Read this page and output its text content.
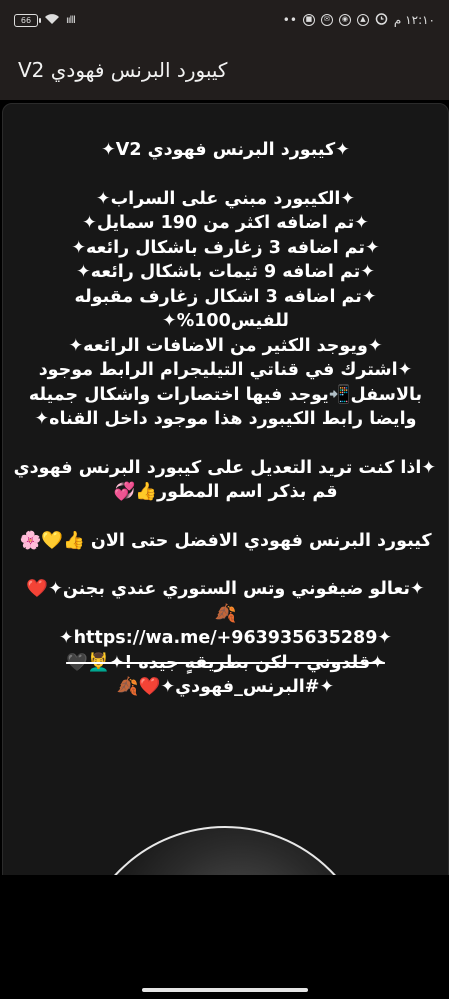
66	ıılll	••	■	✉	◉	▲ ١٢:١٠ م
كيبورد البرنس فهودي V2
✦كيبورد البرنس فهودي V2✦
✦الكيبورد مبني على السراب✦
✦تم اضافه اكثر من 190 سمايل✦
✦تم اضافه 3 زغارف باشكال رائعه✦
✦تم اضافه 9 ثيمات باشكال رائعه✦
✦تم اضافه 3 اشكال زغارف مقبوله
للفيس100%✦
✦ويوجد الكثير من الاضافات الرائعه✦
✦اشترك في قناتي التيليجرام الرابط موجود
بالاسفل📲يوجد فيها اختصارات واشكال جميله
وايضا رابط الكيبورد هذا موجود داخل القناه✦
✦اذا كنت تريد التعديل على كيبورد البرنس فهودي
قم بذكر اسم المطور👍💞
كيبورد البرنس فهودي الافضل حتى الان 👍💛🌸
✦تعالو ضيفوني وتس الستوري عندي بجنن✦❤️
🍂
✦https://wa.me/+963935635289✦
✦قلدوني ، لكن بطريقهٍ جيده !✦💆‍♂️🖤
✦#البرنس_فهودي✦❤️🍂
